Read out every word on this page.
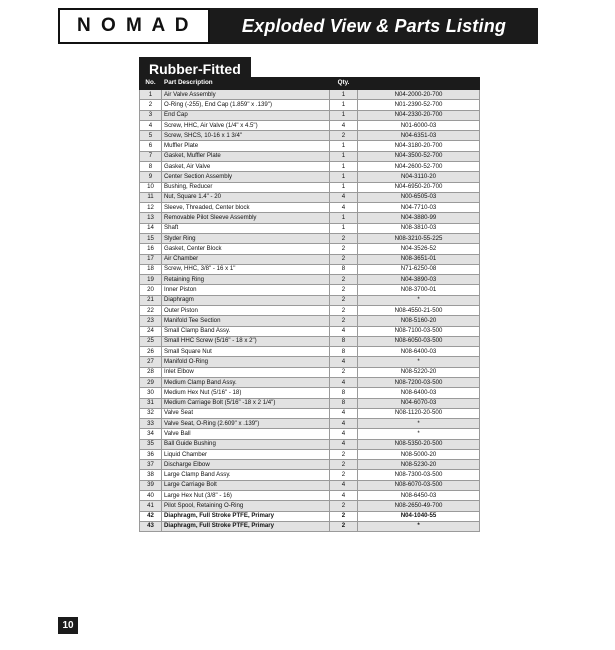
N O M A D	Exploded View & Parts Listing
Rubber-Fitted
No.	Part Description	Qty.	
1	Air Valve Assembly	1	N04-2000-20-700
2	O-Ring (-255), End Cap (1.859" x .139")	1	N01-2390-52-700
3	End Cap	1	N04-2330-20-700
4	Screw, HHC, Air Valve (1/4" x 4.5")	4	N01-6000-03
5	Screw, SHCS, 10-16 x 1 3/4"	2	N04-6351-03
6	Muffler Plate	1	N04-3180-20-700
7	Gasket, Muffler Plate	1	N04-3500-52-700
8	Gasket, Air Valve	1	N04-2600-52-700
9	Center Section Assembly	1	N04-3110-20
10	Bushing, Reducer	1	N04-6950-20-700
11	Nut, Square 1.4" - 20	4	N00-6505-03
12	Sleeve, Threaded, Center block	4	N04-7710-03
13	Removable Pilot Sleeve Assembly	1	N04-3880-99
14	Shaft	1	N08-3810-03
15	Slyder Ring	2	N08-3210-55-225
16	Gasket, Center Block	2	N04-3526-52
17	Air Chamber	2	N08-3651-01
18	Screw, HHC, 3/8" - 16 x 1"	8	N71-6250-08
19	Retaining Ring	2	N04-3890-03
20	Inner Piston	2	N08-3700-01
21	Diaphragm	2	*
22	Outer Piston	2	N08-4550-21-500
23	Manifold Tee Section	2	N08-5160-20
24	Small Clamp Band Assy.	4	N08-7100-03-500
25	Small HHC Screw (5/16" - 18 x 2")	8	N08-6050-03-500
26	Small Square Nut	8	N08-6400-03
27	Manifold O-Ring	4	*
28	Inlet Elbow	2	N08-5220-20
29	Medium Clamp Band Assy.	4	N08-7200-03-500
30	Medium Hex Nut (5/16" - 18)	8	N08-6400-03
31	Medium Carriage Bolt (5/16" -18 x 2 1/4")	8	N04-6070-03
32	Valve Seat	4	N08-1120-20-500
33	Valve Seat, O-Ring (2.609" x .139")	4	*
34	Valve Ball	4	*
35	Ball Guide Bushing	4	N08-5350-20-500
36	Liquid Chamber	2	N08-5000-20
37	Discharge Elbow	2	N08-5230-20
38	Large Clamp Band Assy.	2	N08-7300-03-500
39	Large Carriage Bolt	4	N08-6070-03-500
40	Large Hex Nut (3/8" - 16)	4	N08-6450-03
41	Pilot Spool, Retaining O-Ring	2	N08-2650-49-700
42	Diaphragm, Full Stroke PTFE, Primary	2	N04-1040-55
43	Diaphragm, Full Stroke PTFE, Primary	2	*
10
